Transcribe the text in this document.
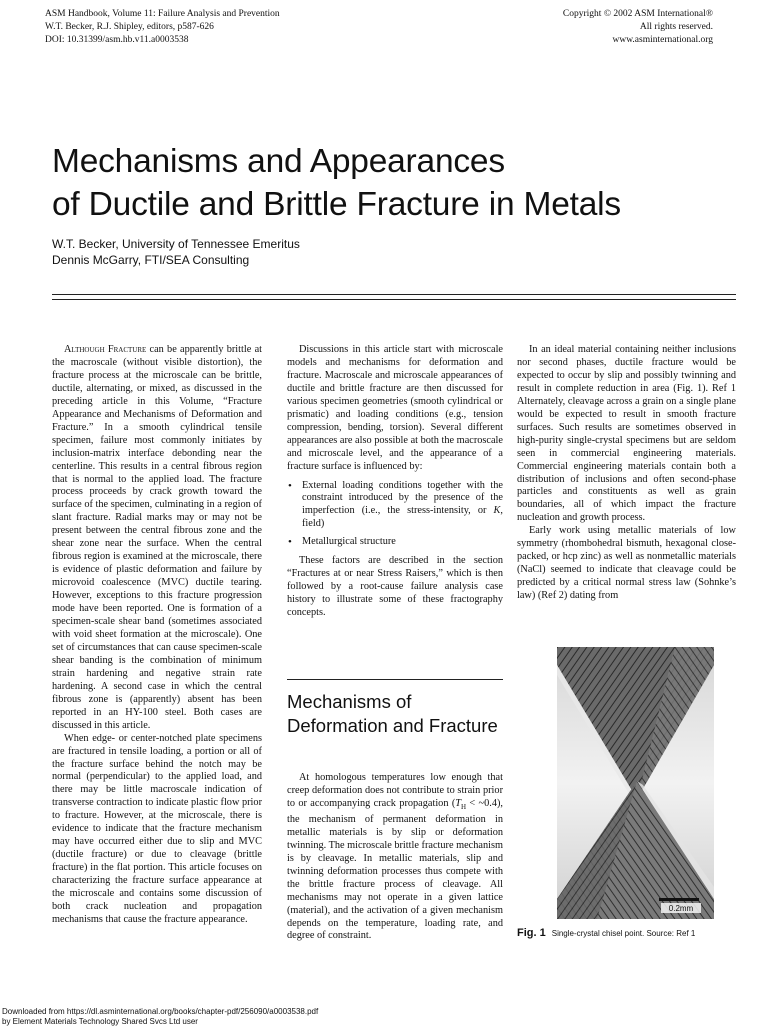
ASM Handbook, Volume 11: Failure Analysis and Prevention
W.T. Becker, R.J. Shipley, editors, p587-626
DOI: 10.31399/asm.hb.v11.a0003538
Copyright © 2002 ASM International®
All rights reserved.
www.asminternational.org
Mechanisms and Appearances
of Ductile and Brittle Fracture in Metals
W.T. Becker, University of Tennessee Emeritus
Dennis McGarry, FTI/SEA Consulting

Although Fracture can be apparently brittle at the macroscale (without visible distortion), the fracture process at the microscale can be brittle, ductile, alternating, or mixed, as discussed in the preceding article in this Volume, “Fracture Appearance and Mechanisms of Deformation and Fracture.” In a smooth cylindrical tensile specimen, failure most commonly initiates by inclusion-matrix interface debonding near the centerline. This results in a central fibrous region that is normal to the applied load. The fracture process proceeds by crack growth toward the surface of the specimen, culminating in a region of slant fracture. Radial marks may or may not be present between the central fibrous zone and the shear zone near the surface. When the central fibrous region is examined at the microscale, there is evidence of plastic deformation and failure by microvoid coalescence (MVC) ductile tearing. However, exceptions to this fracture progression mode have been reported. One is formation of a specimen-scale shear band (sometimes associated with void sheet formation at the microscale). One set of circumstances that can cause specimen-scale shear banding is the combination of minimum strain hardening and negative strain rate hardening. A second case in which the central fibrous zone is (apparently) absent has been reported in an HY-100 steel. Both cases are discussed in this article.

When edge- or center-notched plate specimens are fractured in tensile loading, a portion or all of the fracture surface behind the notch may be normal (perpendicular) to the applied load, and there may be little macroscale indication of transverse contraction to indicate plastic flow prior to fracture. However, at the microscale, there is evidence to indicate that the fracture mechanism may have occurred either due to slip and MVC (ductile fracture) or due to cleavage (brittle fracture) in the flat portion. This article focuses on characterizing the fracture surface appearance at the microscale and contains some discussion of both crack nucleation and propagation mechanisms that cause the fracture appearance.

Discussions in this article start with microscale models and mechanisms for deformation and fracture. Macroscale and microscale appearances of ductile and brittle fracture are then discussed for various specimen geometries (smooth cylindrical or prismatic) and loading conditions (e.g., tension compression, bending, torsion). Several different appearances are also possible at both the macroscale and microscale level, and the appearance of a fracture surface is influenced by:

• External loading conditions together with the constraint introduced by the presence of the imperfection (i.e., the stress-intensity, or K, field)
• Metallurgical structure

These factors are described in the section “Fractures at or near Stress Raisers,” which is then followed by a root-cause failure analysis case history to illustrate some of these fractography concepts.

Mechanisms of Deformation and Fracture

At homologous temperatures low enough that creep deformation does not contribute to strain prior to or accompanying crack propagation ($T_H$ < ~0.4), the mechanism of permanent deformation in metallic materials is by slip or deformation twinning. The microscale brittle fracture mechanism is by cleavage. In metallic materials, slip and twinning deformation processes thus compete with the brittle fracture process of cleavage. All mechanisms may not operate in a given lattice (material), and the activation of a given mechanism depends on the temperature, loading rate, and degree of constraint.

In an ideal material containing neither inclusions nor second phases, ductile fracture would be expected to occur by slip and possibly twinning and result in complete reduction in area (Fig. 1). Ref 1 Alternately, cleavage across a grain on a single plane would be expected to result in smooth fracture surfaces. Such results are sometimes observed in high-purity single-crystal specimens but are seldom seen in commercial engineering materials. Commercial engineering materials contain both a distribution of inclusions and often second-phase particles and constituents as well as grain boundaries, all of which impact the fracture nucleation and growth process.

Early work using metallic materials of low symmetry (rhombohedral bismuth, hexagonal close-packed, or hcp zinc) as well as nonmetallic materials (NaCl) seemed to indicate that cleavage could be predicted by a critical normal stress law (Sohnke’s law) (Ref 2) dating from

0.2mm
Fig. 1 Single-crystal chisel point. Source: Ref 1
Downloaded from https://dl.asminternational.org/books/chapter-pdf/256090/a0003538.pdf
by Element Materials Technology Shared Svcs Ltd user
